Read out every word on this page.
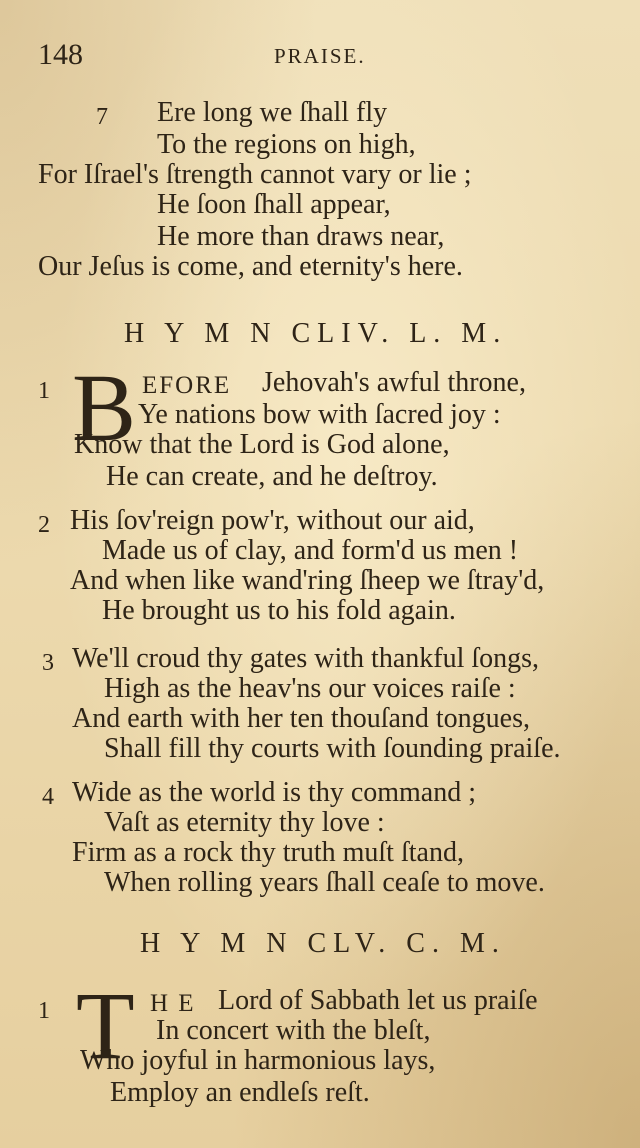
148	PRAISE.
7 Ere long we ſhall fly
To the regions on high,
For Iſrael's ſtrength cannot vary or lie ;
He ſoon ſhall appear,
He more than draws near,
Our Jeſus is come, and eternity's here.
H Y M N CLIV. L. M.
1 B EFORE Jehovah's awful throne,
Ye nations bow with ſacred joy :
Know that the Lord is God alone,
He can create, and he deſtroy.
2 His ſov'reign pow'r, without our aid,
Made us of clay, and form'd us men !
And when like wand'ring ſheep we ſtray'd,
He brought us to his fold again.
3 We'll croud thy gates with thankful ſongs,
High as the heav'ns our voices raiſe :
And earth with her ten thouſand tongues,
Shall fill thy courts with ſounding praiſe.
4 Wide as the world is thy command ;
Vaſt as eternity thy love :
Firm as a rock thy truth muſt ſtand,
When rolling years ſhall ceaſe to move.
H Y M N CLV. C. M.
1 T H E Lord of Sabbath let us praiſe
In concert with the bleſt,
Who joyful in harmonious lays,
Employ an endleſs reſt.
